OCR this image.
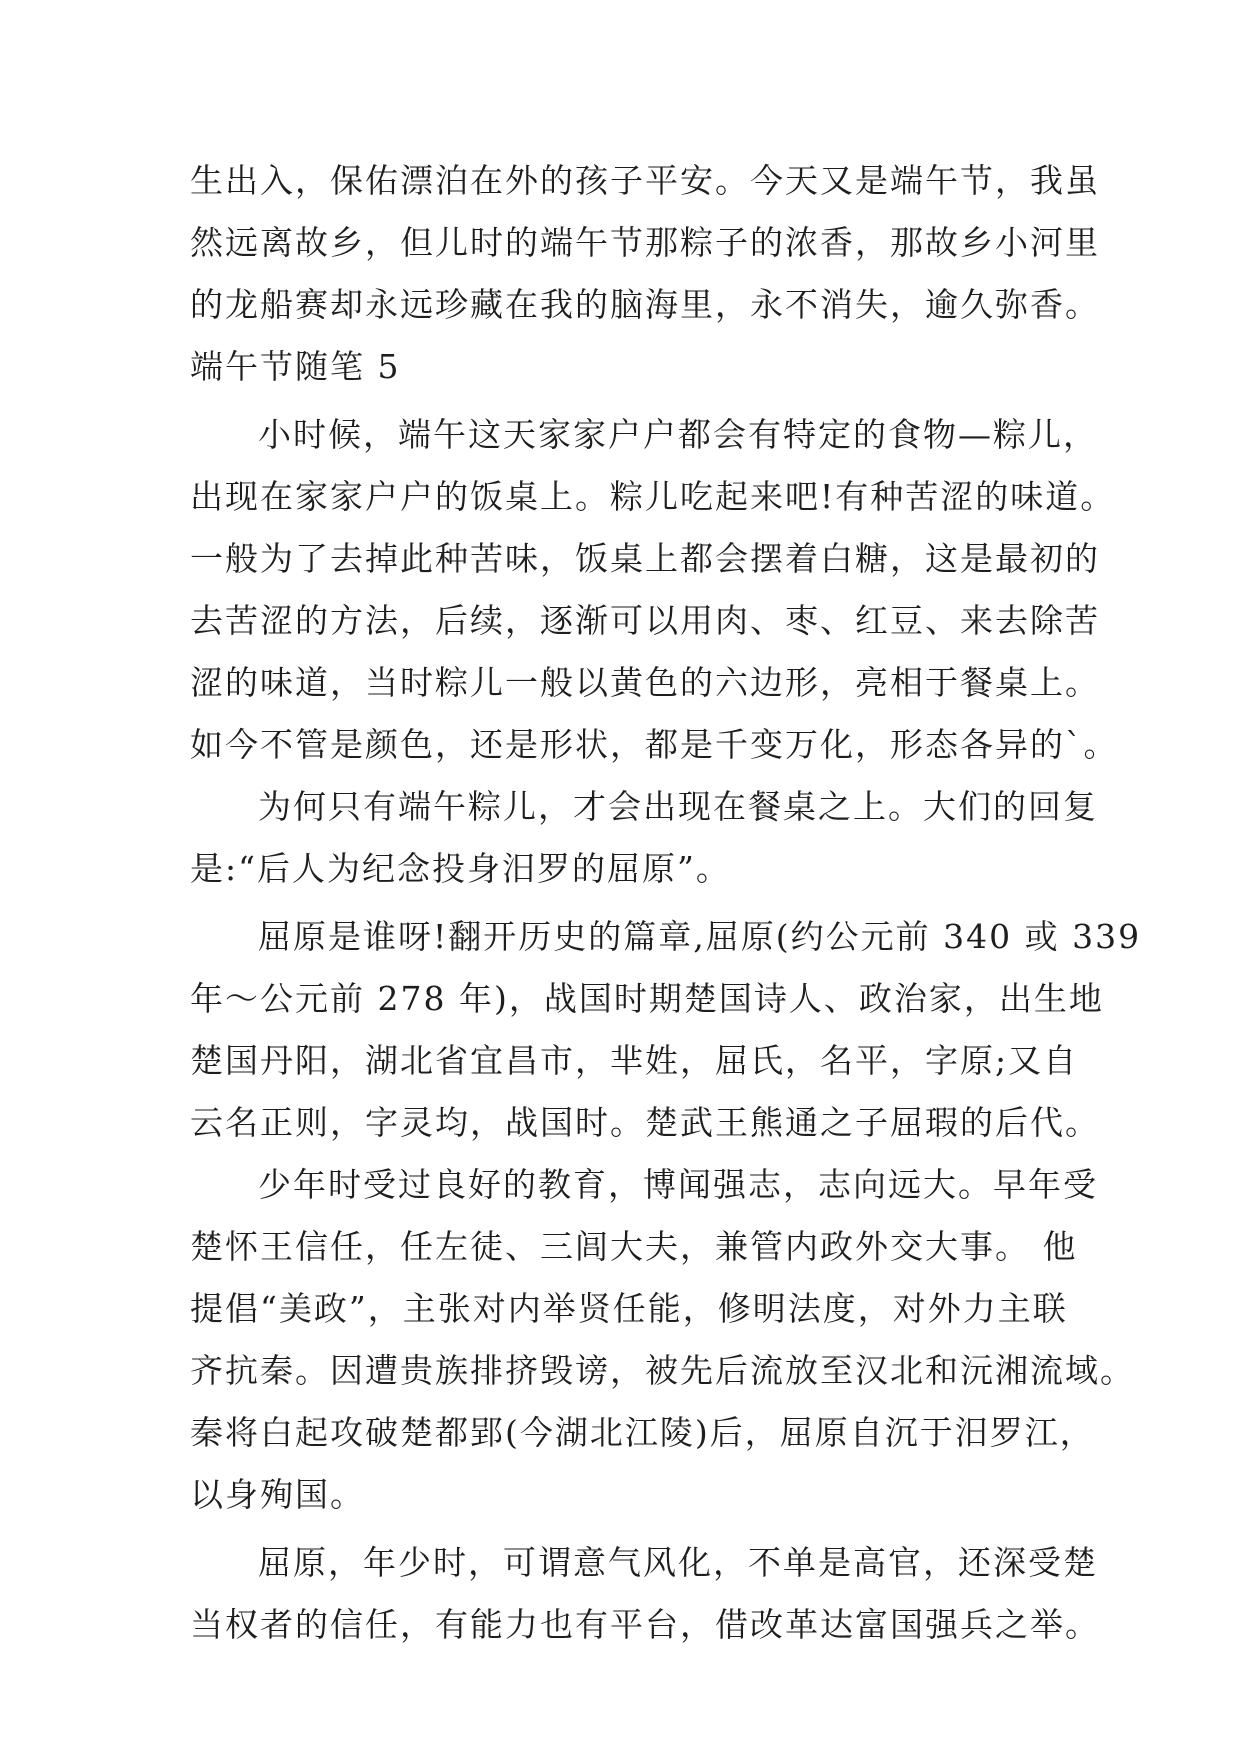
生出入，保佑漂泊在外的孩子平安。今天又是端午节，我虽
然远离故乡，但儿时的端午节那粽子的浓香，那故乡小河里
的龙船赛却永远珍藏在我的脑海里，永不消失，逾久弥香。
端午节随笔 5
小时候，端午这天家家户户都会有特定的食物—粽儿，
出现在家家户户的饭桌上。粽儿吃起来吧!有种苦涩的味道。
一般为了去掉此种苦味，饭桌上都会摆着白糖，这是最初的
去苦涩的方法，后续，逐渐可以用肉、枣、红豆、来去除苦
涩的味道，当时粽儿一般以黄色的六边形，亮相于餐桌上。
如今不管是颜色，还是形状，都是千变万化，形态各异的`。
为何只有端午粽儿，才会出现在餐桌之上。大们的回复
是:“后人为纪念投身汨罗的屈原”。
屈原是谁呀!翻开历史的篇章,屈原(约公元前 340 或 339
年～公元前 278 年)，战国时期楚国诗人、政治家，出生地
楚国丹阳，湖北省宜昌市，芈姓，屈氏，名平，字原;又自
云名正则，字灵均，战国时。楚武王熊通之子屈瑕的后代。
少年时受过良好的教育，博闻强志，志向远大。早年受
楚怀王信任，任左徒、三闾大夫，兼管内政外交大事。 他
提倡“美政”，主张对内举贤任能，修明法度，对外力主联
齐抗秦。因遭贵族排挤毁谤，被先后流放至汉北和沅湘流域。
秦将白起攻破楚都郢(今湖北江陵)后，屈原自沉于汨罗江，
以身殉国。
屈原，年少时，可谓意气风化，不单是高官，还深受楚
当权者的信任，有能力也有平台，借改革达富国强兵之举。
